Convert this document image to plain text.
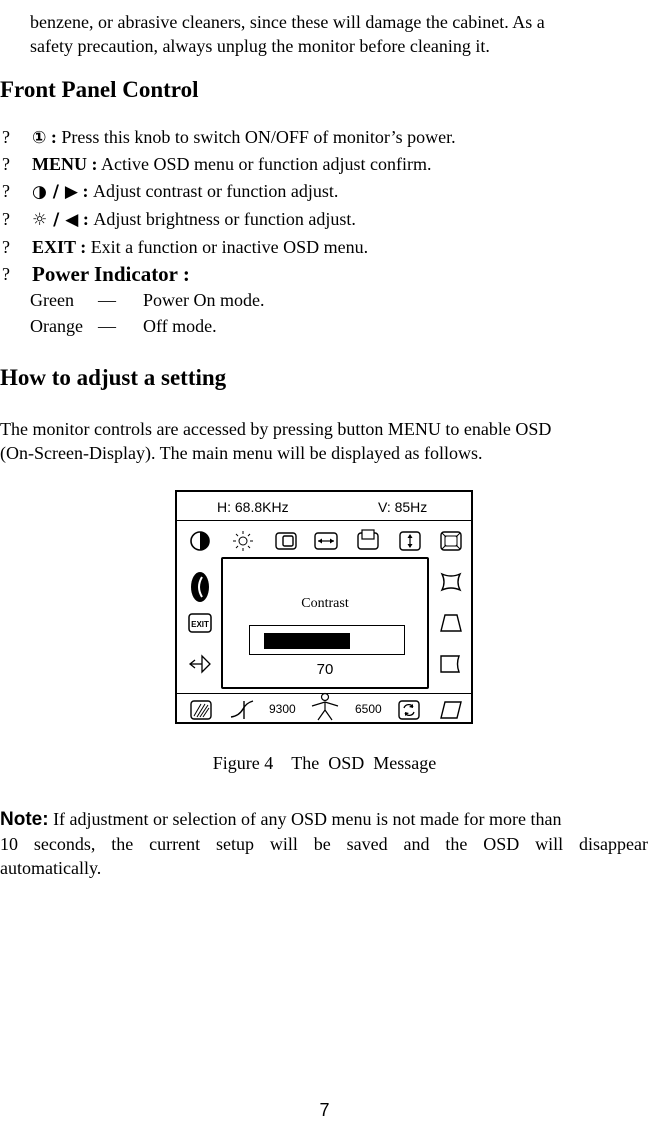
benzene, or abrasive cleaners, since these will damage the cabinet. As a
safety precaution, always unplug the monitor before cleaning it.
Front Panel Control
?	① : Press this knob to switch ON/OFF of monitor’s power.
?	MENU : Active OSD menu or function adjust confirm.
?	◑ / ▶ : Adjust contrast or function adjust.
?	☼ / ◀ : Adjust brightness or function adjust.
?	EXIT : Exit a function or inactive OSD menu.
?	Power Indicator :
Green — Power On mode.
Orange — Off mode.
How to adjust a setting
The monitor controls are accessed by pressing button MENU to enable OSD
(On-Screen-Display). The main menu will be displayed as follows.
H: 68.8KHz	V: 85Hz
EXIT
Contrast
70
9300	6500
Figure 4 The  OSD  Message
Note: If adjustment or selection of any OSD menu is not made for more than
10 seconds, the current setup will be saved and the OSD will disappear
automatically.
7
